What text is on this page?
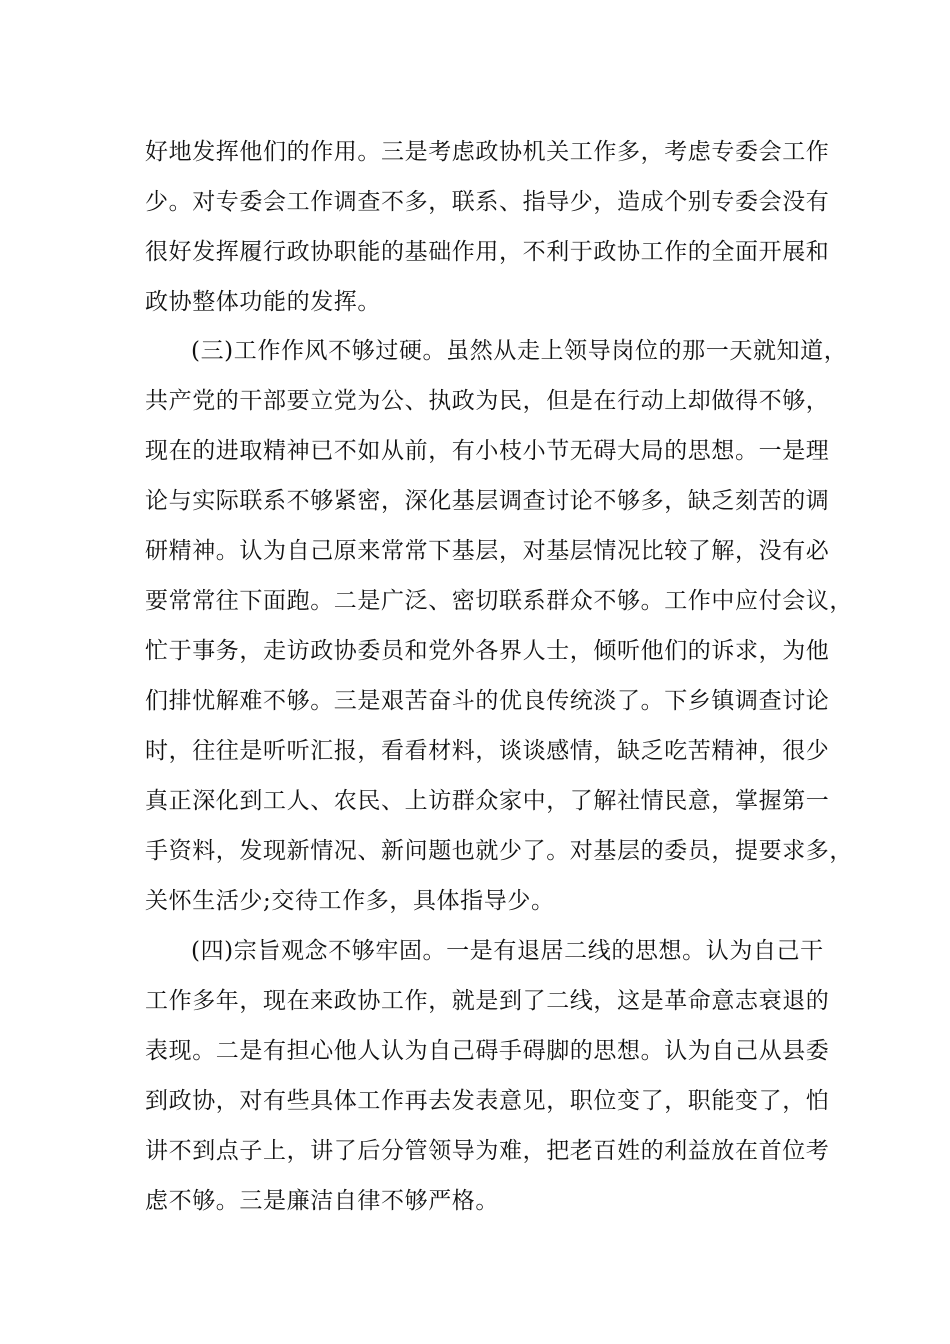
好地发挥他们的作用。三是考虑政协机关工作多，考虑专委会工作

少。对专委会工作调查不多，联系、指导少，造成个别专委会没有

很好发挥履行政协职能的基础作用，不利于政协工作的全面开展和

政协整体功能的发挥。

(三)工作作风不够过硬。虽然从走上领导岗位的那一天就知道，

共产党的干部要立党为公、执政为民，但是在行动上却做得不够，

现在的进取精神已不如从前，有小枝小节无碍大局的思想。一是理

论与实际联系不够紧密，深化基层调查讨论不够多，缺乏刻苦的调

研精神。认为自己原来常常下基层，对基层情况比较了解，没有必

要常常往下面跑。二是广泛、密切联系群众不够。工作中应付会议，

忙于事务，走访政协委员和党外各界人士，倾听他们的诉求，为他

们排忧解难不够。三是艰苦奋斗的优良传统淡了。下乡镇调查讨论

时，往往是听听汇报，看看材料，谈谈感情，缺乏吃苦精神，很少

真正深化到工人、农民、上访群众家中，了解社情民意，掌握第一

手资料，发现新情况、新问题也就少了。对基层的委员，提要求多，

关怀生活少;交待工作多，具体指导少。

(四)宗旨观念不够牢固。一是有退居二线的思想。认为自己干

工作多年，现在来政协工作，就是到了二线，这是革命意志衰退的

表现。二是有担心他人认为自己碍手碍脚的思想。认为自己从县委

到政协，对有些具体工作再去发表意见，职位变了，职能变了，怕

讲不到点子上，讲了后分管领导为难，把老百姓的利益放在首位考

虑不够。三是廉洁自律不够严格。
